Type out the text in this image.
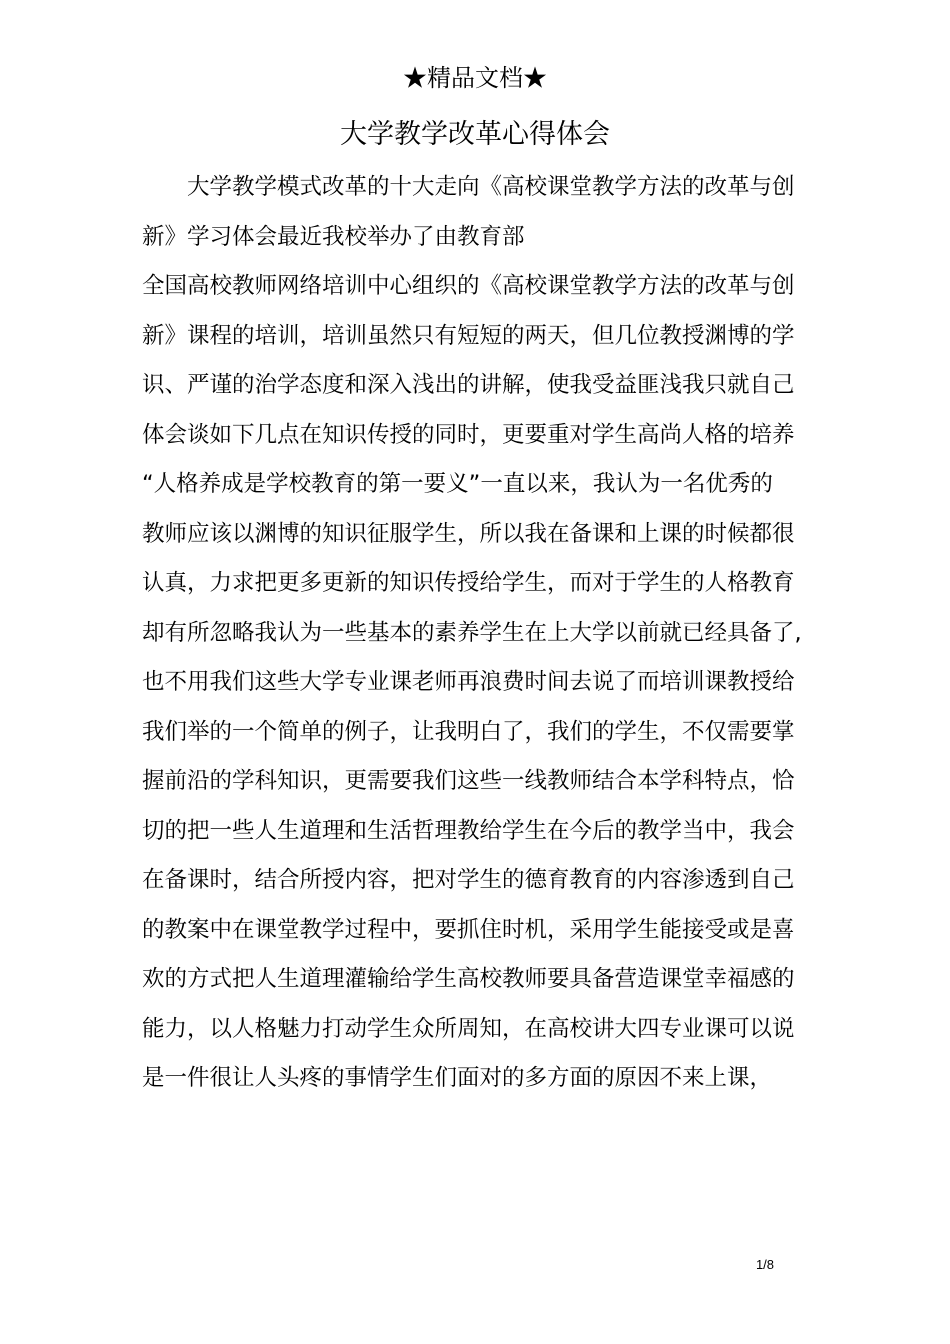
★精品文档★
大学教学改革心得体会
大学教学模式改革的十大走向《高校课堂教学方法的改革与创
新》学习体会最近我校举办了由教育部
全国高校教师网络培训中心组织的《高校课堂教学方法的改革与创
新》课程的培训，培训虽然只有短短的两天，但几位教授渊博的学
识、严谨的治学态度和深入浅出的讲解，使我受益匪浅我只就自己
体会谈如下几点在知识传授的同时，更要重对学生高尚人格的培养
“人格养成是学校教育的第一要义”一直以来，我认为一名优秀的
教师应该以渊博的知识征服学生，所以我在备课和上课的时候都很
认真，力求把更多更新的知识传授给学生，而对于学生的人格教育
却有所忽略我认为一些基本的素养学生在上大学以前就已经具备了,
也不用我们这些大学专业课老师再浪费时间去说了而培训课教授给
我们举的一个简单的例子，让我明白了，我们的学生，不仅需要掌
握前沿的学科知识，更需要我们这些一线教师结合本学科特点，恰
切的把一些人生道理和生活哲理教给学生在今后的教学当中，我会
在备课时，结合所授内容，把对学生的德育教育的内容渗透到自己
的教案中在课堂教学过程中，要抓住时机，采用学生能接受或是喜
欢的方式把人生道理灌输给学生高校教师要具备营造课堂幸福感的
能力，以人格魅力打动学生众所周知，在高校讲大四专业课可以说
是一件很让人头疼的事情学生们面对的多方面的原因不来上课，
1/8
